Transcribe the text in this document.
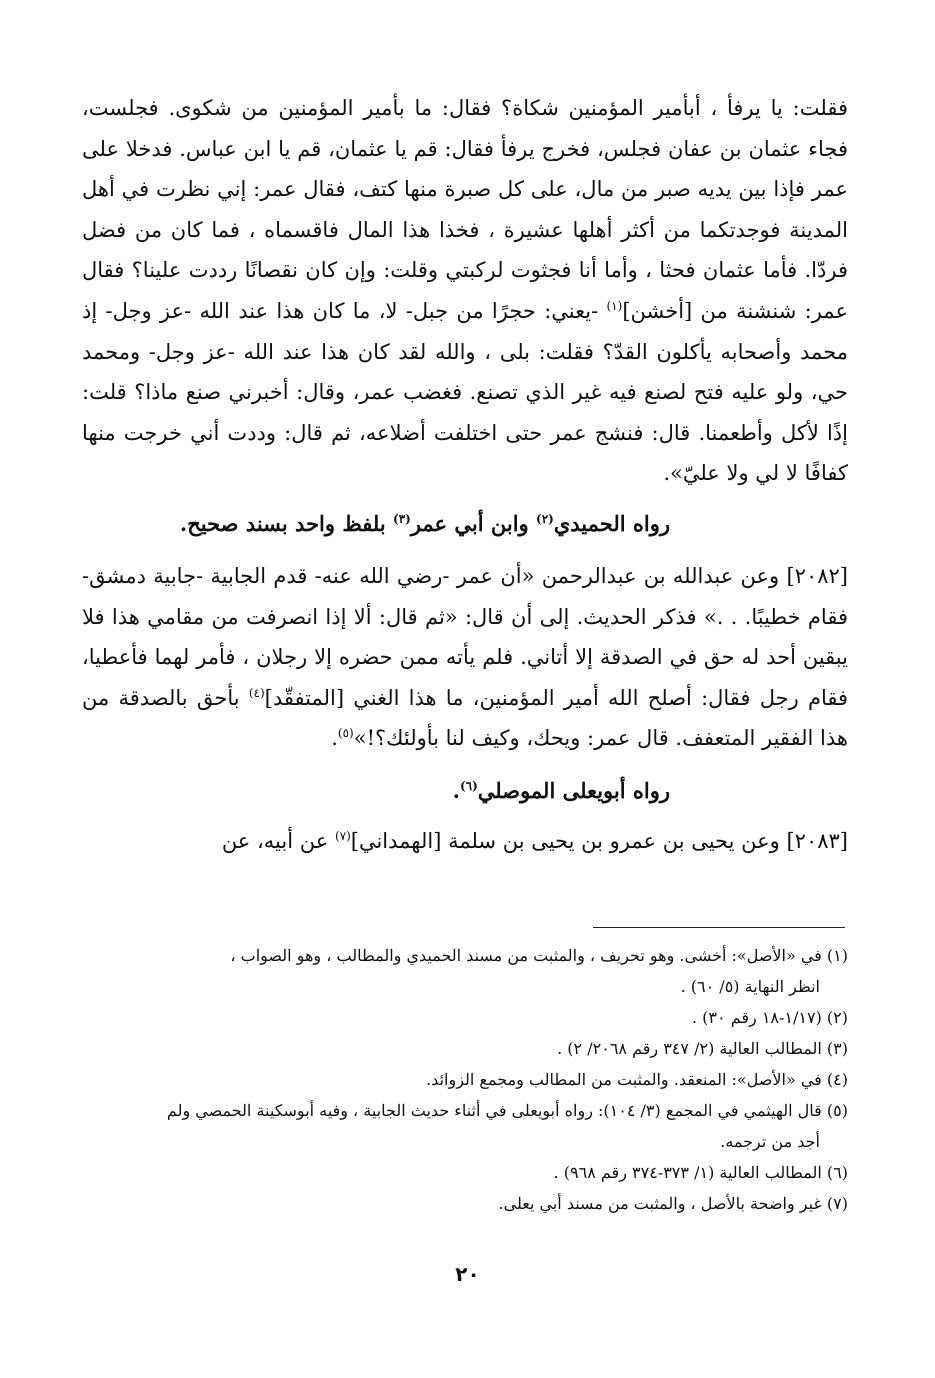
فقلت: يا يرفأ ، أبأمير المؤمنين شكاة؟ فقال: ما بأمير المؤمنين من شكوى. فجلست، فجاء عثمان بن عفان فجلس، فخرج يرفأ فقال: قم يا عثمان، قم يا ابن عباس. فدخلا على عمر فإذا بين يديه صبر من مال، على كل صبرة منها كتف، فقال عمر: إني نظرت في أهل المدينة فوجدتكما من أكثر أهلها عشيرة ، فخذا هذا المال فاقسماه ، فما كان من فضل فردّا. فأما عثمان فحثا ، وأما أنا فجثوت لركبتي وقلت: وإن كان نقصانًا رددت علينا؟ فقال عمر: شنشنة من [أخشن]$^{(١)}$ -يعني: حجرًا من جبل- لا، ما كان هذا عند الله -عز وجل- إذ محمد وأصحابه يأكلون القدّ؟ فقلت: بلى ، والله لقد كان هذا عند الله -عز وجل- ومحمد حي، ولو عليه فتح لصنع فيه غير الذي تصنع. فغضب عمر، وقال: أخبرني صنع ماذا؟ قلت: إذًا لأكل وأطعمنا. قال: فنشج عمر حتى اختلفت أضلاعه، ثم قال: وددت أني خرجت منها كفافًا لا لي ولا عليّ».

رواه الحميدي$^{(٢)}$ وابن أبي عمر$^{(٣)}$ بلفظ واحد بسند صحيح.

[٢٠٨٢] وعن عبدالله بن عبدالرحمن «أن عمر -رضي الله عنه- قدم الجابية -جابية دمشق- فقام خطيبًا. . .» فذكر الحديث. إلى أن قال: «ثم قال: ألا إذا انصرفت من مقامي هذا فلا يبقين أحد له حق في الصدقة إلا أتاني. فلم يأته ممن حضره إلا رجلان ، فأمر لهما فأعطيا، فقام رجل فقال: أصلح الله أمير المؤمنين، ما هذا الغني [المتفقّد]$^{(٤)}$ بأحق بالصدقة من هذا الفقير المتعفف. قال عمر: ويحك، وكيف لنا بأولئك؟!»$^{(٥)}$.

رواه أبويعلى الموصلي$^{(٦)}$.

[٢٠٨٣] وعن يحيى بن عمرو بن يحيى بن سلمة [الهمداني]$^{(٧)}$ عن أبيه، عن

(١) في «الأصل»: أخشى. وهو تحريف ، والمثبت من مسند الحميدي والمطالب ، وهو الصواب ،
انظر النهاية (٥/ ٦٠) .

(٢) (١/١٧-١٨ رقم ٣٠) .

(٣) المطالب العالية (٢/ ٣٤٧ رقم ٢٠٦٨/ ٢) .

(٤) في «الأصل»: المنعقد. والمثبت من المطالب ومجمع الزوائد.

(٥) قال الهيثمي في المجمع (٣/ ١٠٤): رواه أبويعلى في أثناء حديث الجابية ، وفيه أبوسكينة الحمصي ولم
أجد من ترجمه.

(٦) المطالب العالية (١/ ٣٧٣-٣٧٤ رقم ٩٦٨) .

(٧) غير واضحة بالأصل ، والمثبت من مسند أبي يعلى.

٢٠
